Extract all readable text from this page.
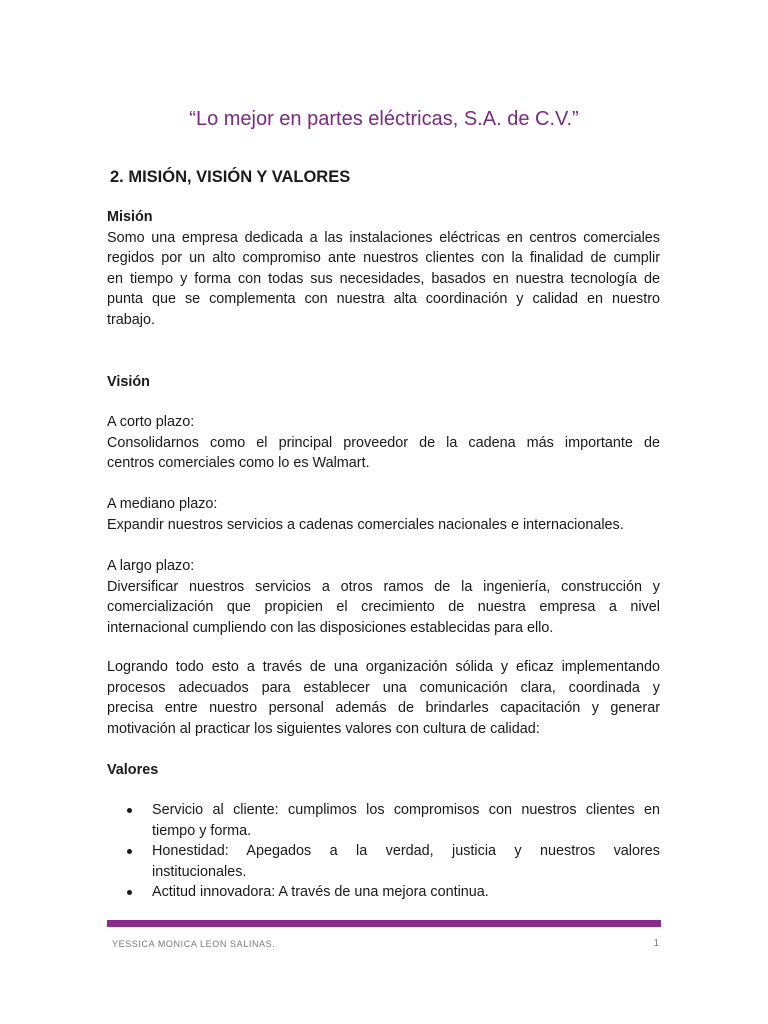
“Lo mejor en partes eléctricas, S.A. de C.V.”
2. MISIÓN, VISIÓN Y VALORES
Misión
Somo una empresa dedicada a las instalaciones eléctricas en centros comerciales
regidos por un alto compromiso ante nuestros clientes con la finalidad de cumplir
en tiempo y forma con todas sus necesidades, basados en nuestra tecnología de
punta que se complementa con nuestra alta coordinación y calidad en nuestro
trabajo.
Visión
A corto plazo:
Consolidarnos como el principal proveedor de la cadena más importante de
centros comerciales como lo es Walmart.
A mediano plazo:
Expandir nuestros servicios a cadenas comerciales nacionales e internacionales.
A largo plazo:
Diversificar nuestros servicios a otros ramos de la ingeniería, construcción y
comercialización que propicien el crecimiento de nuestra empresa a nivel
internacional cumpliendo con las disposiciones establecidas para ello.
Logrando todo esto a través de una organización sólida y eficaz implementando
procesos adecuados para establecer una comunicación clara, coordinada y
precisa entre nuestro personal además de brindarles capacitación y generar
motivación al practicar los siguientes valores con cultura de calidad:
Valores
Servicio al cliente: cumplimos los compromisos con nuestros clientes en
tiempo y forma.
Honestidad: Apegados a la verdad, justicia y nuestros valores
institucionales.
Actitud innovadora: A través de una mejora continua.
YESSICA MONICA LEON SALINAS.	1
